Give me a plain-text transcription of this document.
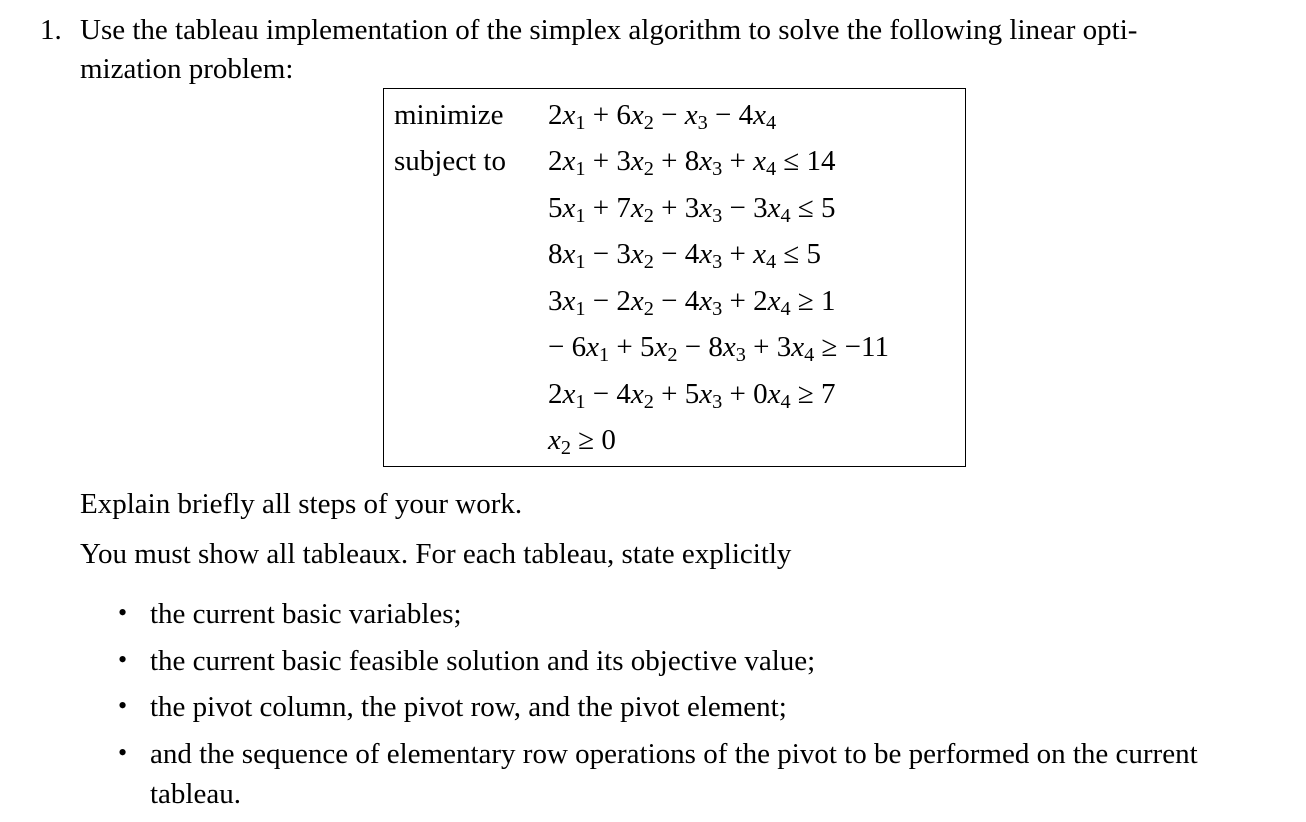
1. Use the tableau implementation of the simplex algorithm to solve the following linear opti-
mization problem:
minimize
subject to
$2x_1 + 6x_2 - x_3 - 4x_4$
$2x_1 + 3x_2 + 8x_3 + x_4 \le 14$
$5x_1 + 7x_2 + 3x_3 - 3x_4 \le 5$
$8x_1 - 3x_2 - 4x_3 + x_4 \le 5$
$3x_1 - 2x_2 - 4x_3 + 2x_4 \ge 1$
− $6x_1 + 5x_2 - 8x_3 + 3x_4 \ge -11$
$2x_1 - 4x_2 + 5x_3 + 0x_4 \ge 7$
$x_2 \ge 0$
Explain briefly all steps of your work.
You must show all tableaux. For each tableau, state explicitly
• the current basic variables;
• the current basic feasible solution and its objective value;
• the pivot column, the pivot row, and the pivot element;
• and the sequence of elementary row operations of the pivot to be performed on the current
tableau.
